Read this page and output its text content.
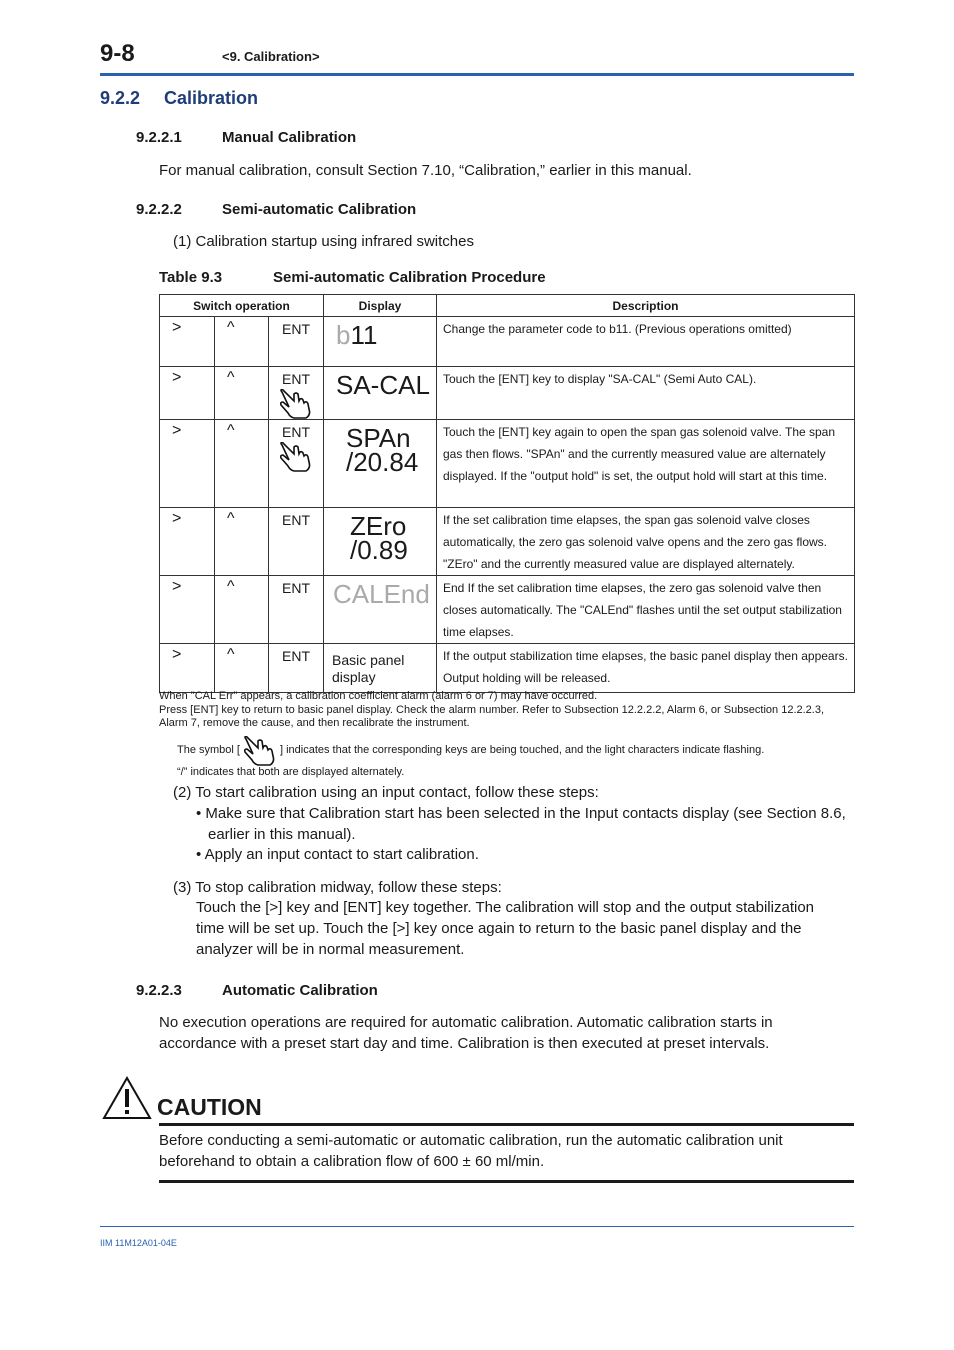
9-8	<9. Calibration>
9.2.2 Calibration
9.2.2.1	Manual Calibration
For manual calibration, consult Section 7.10, “Calibration,” earlier in this manual.
9.2.2.2	Semi-automatic Calibration
(1) Calibration startup using infrared switches
Table 9.3	Semi-automatic Calibration Procedure
Switch operation			Display	Description
>	^	ENT	b11	Change the parameter code to b11. (Previous operations omitted)
>	^	ENT	SA-CAL	Touch the [ENT] key to display "SA-CAL" (Semi Auto CAL).
>	^	ENT	SPAn
/20.84	Touch the [ENT] key again to open the span gas solenoid valve. The span gas then flows. "SPAn" and the currently measured value are alternately displayed. If the "output hold" is set, the output hold will start at this time.
>	^	ENT	ZEro
/0.89	If the set calibration time elapses, the span gas solenoid valve closes automatically, the zero gas solenoid valve opens and the zero gas flows. "ZEro" and the currently measured value are displayed alternately.
>	^	ENT	CALEnd	End If the set calibration time elapses, the zero gas solenoid valve then closes automatically. The "CALEnd" flashes until the set output stabilization time elapses.
>	^	ENT	Basic panel display	If the output stabilization time elapses, the basic panel display then appears. Output holding will be released.
When "CAL Err" appears, a calibration coefficient alarm (alarm 6 or 7) may have occurred.
Press [ENT] key to return to basic panel display. Check the alarm number. Refer to Subsection 12.2.2.2, Alarm 6, or Subsection 12.2.2.3, Alarm 7, remove the cause, and then recalibrate the instrument.
The symbol [	] indicates that the corresponding keys are being touched, and the light characters indicate flashing.
“/” indicates that both are displayed alternately.
(2) To start calibration using an input contact, follow these steps:
• Make sure that Calibration start has been selected in the Input contacts display (see Section 8.6, earlier in this manual).
• Apply an input contact to start calibration.
(3) To stop calibration midway, follow these steps:
Touch the [>] key and [ENT] key together. The calibration will stop and the output stabilization time will be set up. Touch the [>] key once again to return to the basic panel display and the analyzer will be in normal measurement.
9.2.2.3	Automatic Calibration
No execution operations are required for automatic calibration. Automatic calibration starts in accordance with a preset start day and time. Calibration is then executed at preset intervals.
CAUTION
Before conducting a semi-automatic or automatic calibration, run the automatic calibration unit beforehand to obtain a calibration flow of 600 ± 60 ml/min.
IIM 11M12A01-04E
